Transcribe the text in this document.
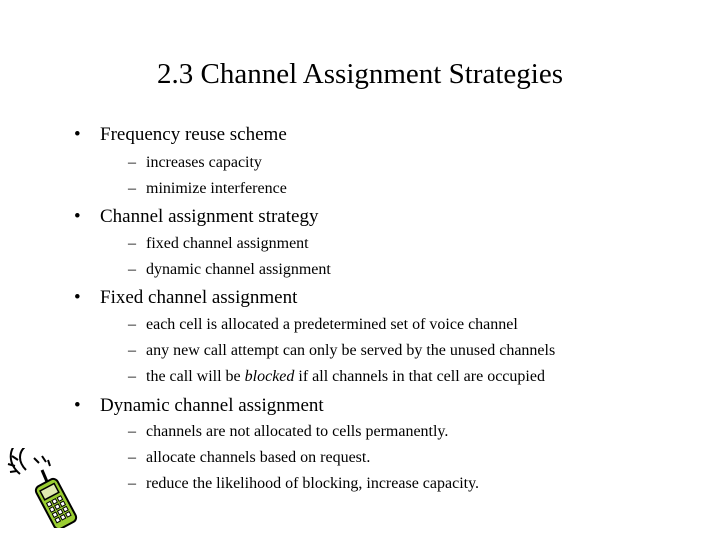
2.3 Channel Assignment Strategies
• Frequency reuse scheme
– increases capacity
– minimize interference
• Channel assignment strategy
– fixed channel assignment
– dynamic channel assignment
• Fixed channel assignment
– each cell is allocated a predetermined set of voice channel
– any new call attempt can only be served by the unused channels
– the call will be blocked if all channels in that cell are occupied
• Dynamic channel assignment
– channels are not allocated to cells permanently.
– allocate channels based on request.
– reduce the likelihood of blocking, increase capacity.
